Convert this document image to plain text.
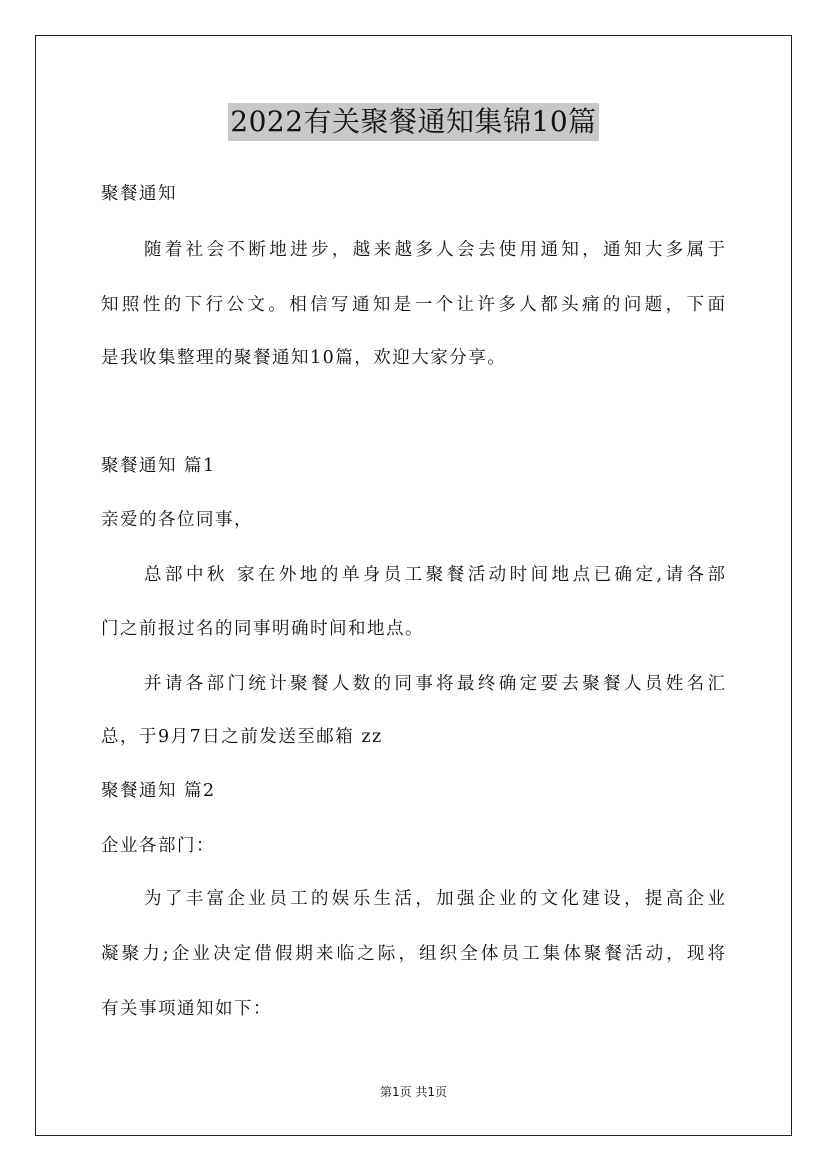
2022有关聚餐通知集锦10篇
聚餐通知
随着社会不断地进步，越来越多人会去使用通知，通知大多属于
知照性的下行公文。相信写通知是一个让许多人都头痛的问题，下面
是我收集整理的聚餐通知10篇，欢迎大家分享。
聚餐通知 篇1
亲爱的各位同事，
总部中秋 家在外地的单身员工聚餐活动时间地点已确定,请各部
门之前报过名的同事明确时间和地点。
并请各部门统计聚餐人数的同事将最终确定要去聚餐人员姓名汇
总，于9月7日之前发送至邮箱 zz
聚餐通知 篇2
企业各部门：
为了丰富企业员工的娱乐生活，加强企业的文化建设，提高企业
凝聚力;企业决定借假期来临之际，组织全体员工集体聚餐活动，现将
有关事项通知如下：
第1页 共1页
